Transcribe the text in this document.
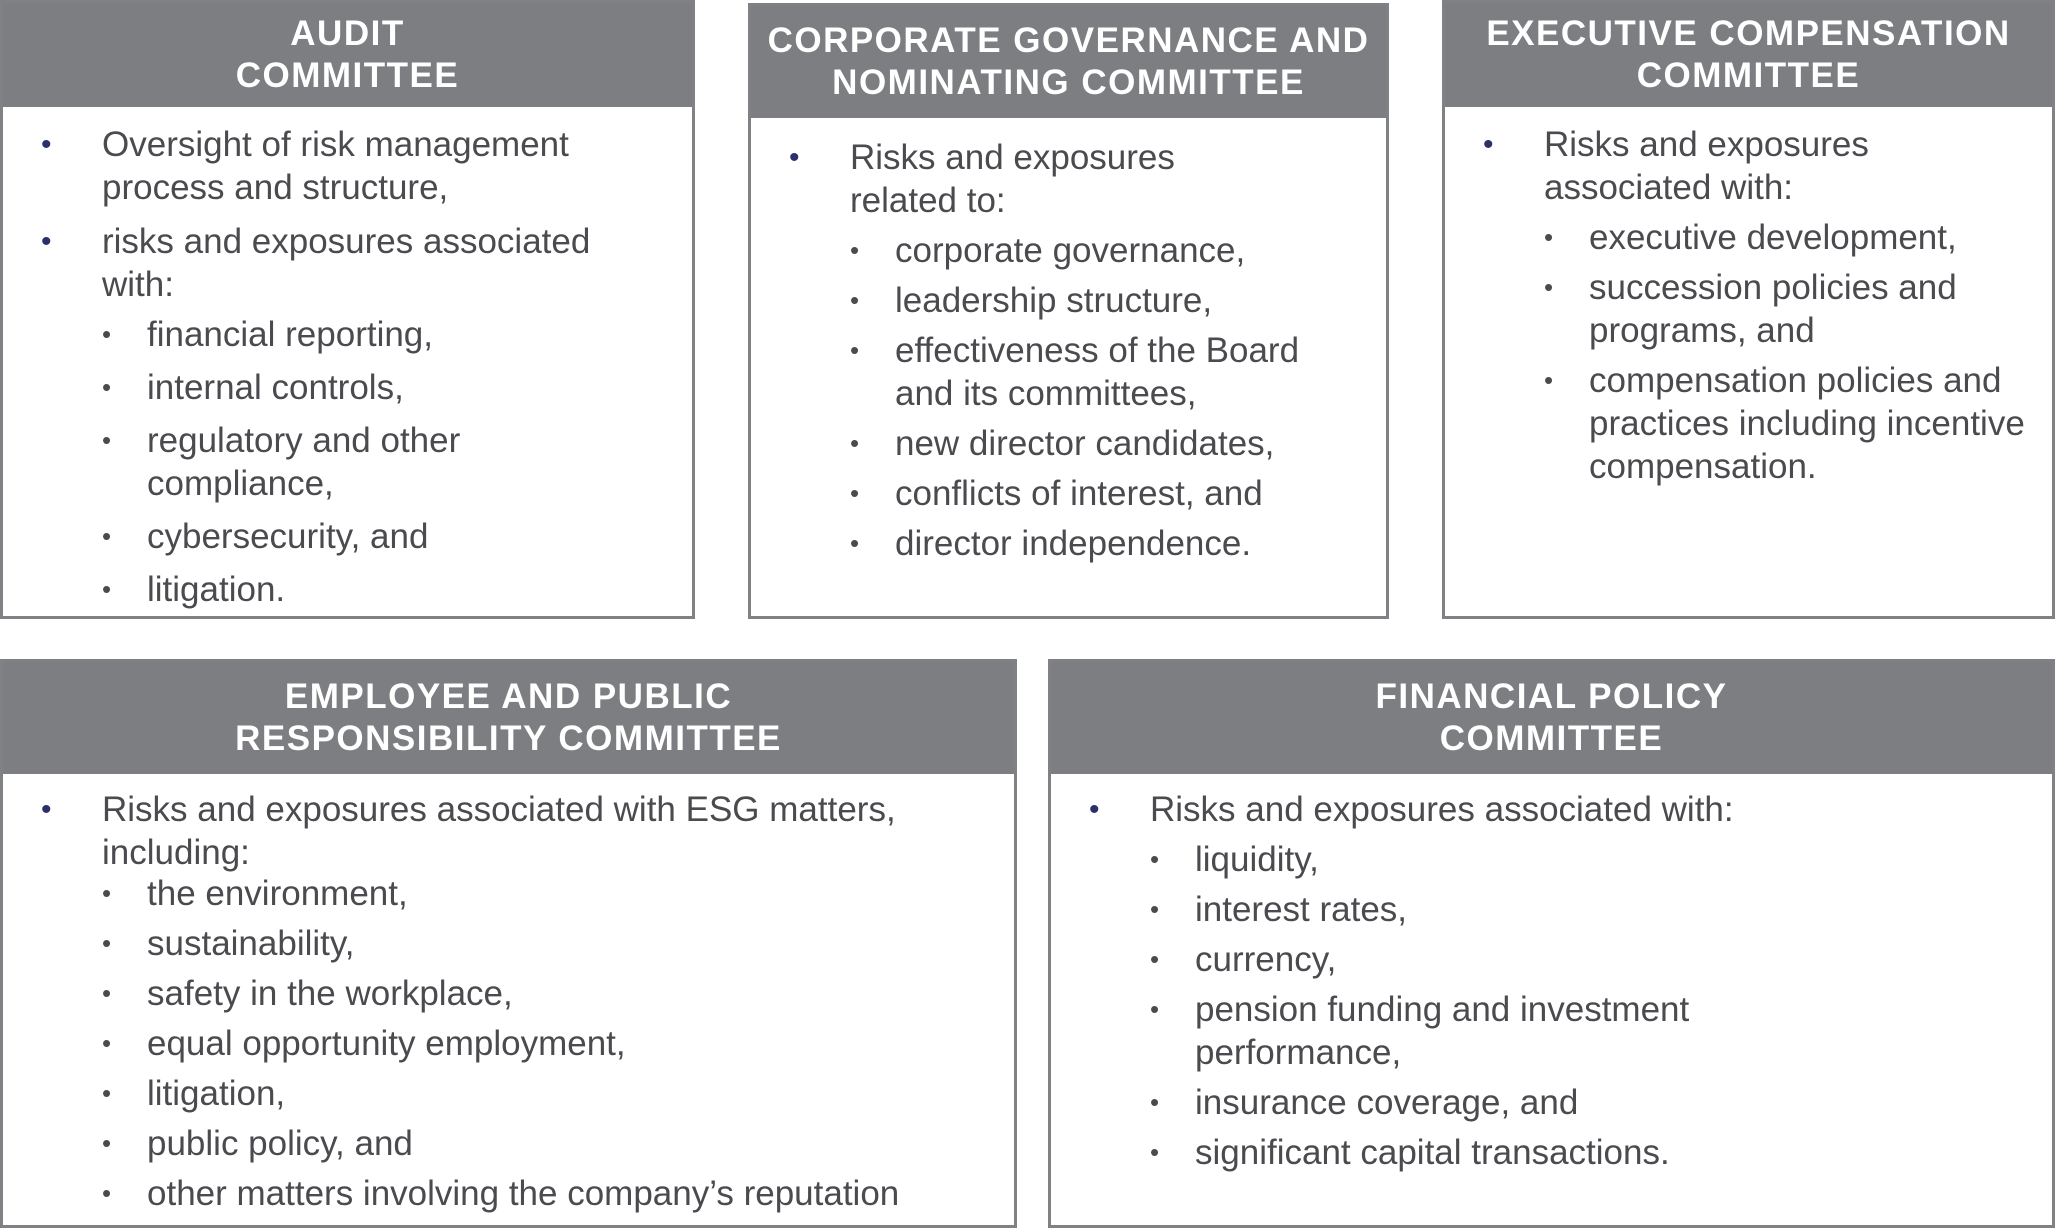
AUDIT
COMMITTEE
• Oversight of risk management process and structure,
• risks and exposures associated with:
• financial reporting,
• internal controls,
• regulatory and other compliance,
• cybersecurity, and
• litigation.
CORPORATE GOVERNANCE AND
NOMINATING COMMITTEE
• Risks and exposures related to:
• corporate governance,
• leadership structure,
• effectiveness of the Board and its committees,
• new director candidates,
• conflicts of interest, and
• director independence.
EXECUTIVE COMPENSATION
COMMITTEE
• Risks and exposures associated with:
• executive development,
• succession policies and programs, and
• compensation policies and practices including incentive compensation.
EMPLOYEE AND PUBLIC
RESPONSIBILITY COMMITTEE
• Risks and exposures associated with ESG matters, including:
• the environment,
• sustainability,
• safety in the workplace,
• equal opportunity employment,
• litigation,
• public policy, and
• other matters involving the company’s reputation
FINANCIAL POLICY
COMMITTEE
• Risks and exposures associated with:
• liquidity,
• interest rates,
• currency,
• pension funding and investment performance,
• insurance coverage, and
• significant capital transactions.
